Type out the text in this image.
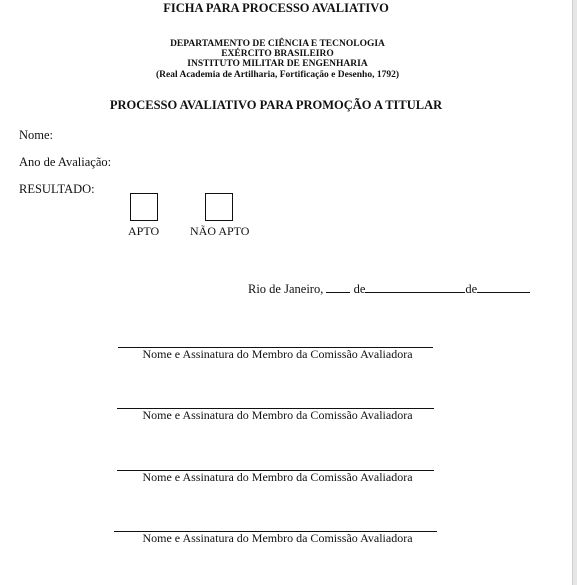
FICHA PARA PROCESSO AVALIATIVO
DEPARTAMENTO DE CIÊNCIA E TECNOLOGIA
EXÉRCITO BRASILEIRO
INSTITUTO MILITAR DE ENGENHARIA
(Real Academia de Artilharia, Fortificação e Desenho, 1792)
PROCESSO AVALIATIVO PARA PROMOÇÃO A TITULAR
Nome:
Ano de Avaliação:
RESULTADO:
APTO	NÃO APTO
Rio de Janeiro, de	de
Nome e Assinatura do Membro da Comissão Avaliadora
Nome e Assinatura do Membro da Comissão Avaliadora
Nome e Assinatura do Membro da Comissão Avaliadora
Nome e Assinatura do Membro da Comissão Avaliadora
